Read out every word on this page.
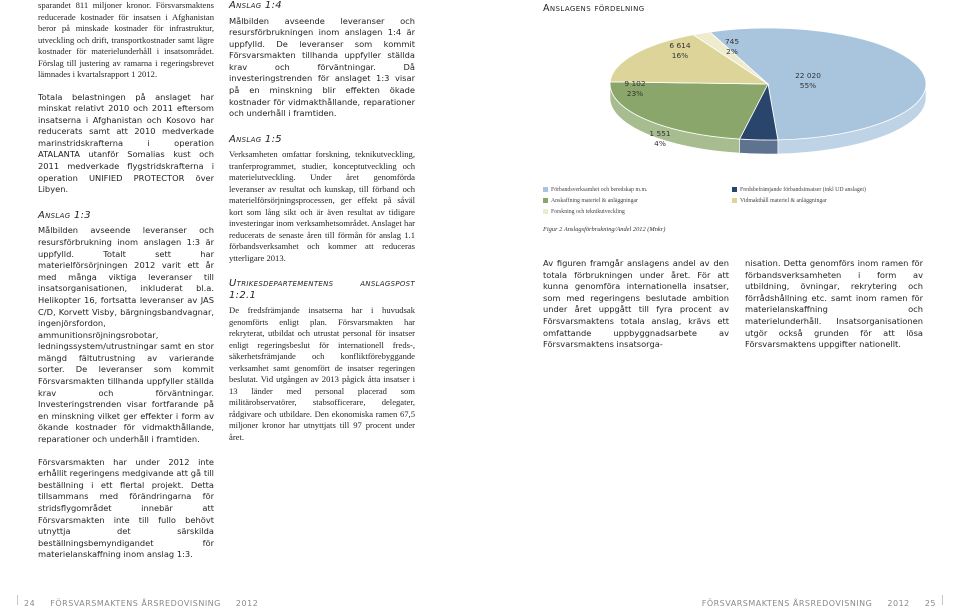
sparandet 811 miljoner kronor. Försvarsmaktens reducerade kostnader för insatsen i Afghanistan beror på minskade kostnader för infrastruktur, utveckling och drift, transportkostnader samt lägre kostnader för materielunderhåll i insatsområdet. Förslag till justering av ramarna i regeringsbrevet lämnades i kvartalsrapport 1 2012.

Totala belastningen på anslaget har minskat relativt 2010 och 2011 eftersom insatserna i Afghanistan och Kosovo har reducerats samt att 2010 medverkade marinstridskrafterna i operation ATALANTA utanför Somalias kust och 2011 medverkade flygstridskrafterna i operation UNIFIED PROTECTOR över Libyen.

Anslag 1:3

Målbilden avseende leveranser och resursförbrukning inom anslagen 1:3 är uppfylld. Totalt sett har materielförsörjningen 2012 varit ett år med många viktiga leveranser till insatsorganisationen, inkluderat bl.a. Helikopter 16, fortsatta leveranser av JAS C/D, Korvett Visby, bärgningsbandvagnar, ingenjörsfordon, ammunitionsröjningsrobotar, ledningssystem/utrustningar samt en stor mängd fältutrustning av varierande sorter. De leveranser som kommit Försvarsmakten tillhanda uppfyller ställda krav och förväntningar. Investeringstrenden visar fortfarande på en minskning vilket ger effekter i form av ökande kostnader för vidmakthållande, reparationer och underhåll i framtiden.

Försvarsmakten har under 2012 inte erhållit regeringens medgivande att gå till beställning i ett flertal projekt. Detta tillsammans med förändringarna för stridsflygområdet innebär att Försvarsmakten inte till fullo behövt utnyttja det särskilda beställningsbemyndigandet för materielanskaffning inom anslag 1:3.

Anslag 1:4

Målbilden avseende leveranser och resursförbrukningen inom anslagen 1:4 är uppfylld. De leveranser som kommit Försvarsmakten tillhanda uppfyller ställda krav och förväntningar. Då investeringstrenden för anslaget 1:3 visar på en minskning blir effekten ökade kostnader för vidmakthållande, reparationer och underhåll i framtiden.

Anslag 1:5

Verksamheten omfattar forskning, teknikutveckling, tranferprogrammet, studier, konceptutveckling och materielutveckling. Under året genomförda leveranser av resultat och kunskap, till förband och materielförsörjningsprocessen, ger effekt på såväl kort som lång sikt och är även resultat av tidigare investeringar inom verksamhetsområdet. Anslaget har reducerats de senaste åren till förmån för anslag 1.1 förbandsverksamhet och kommer att reduceras ytterligare 2013.

Utrikesdepartementens anslagspost 1:2.1

De fredsfrämjande insatserna har i huvudsak genomförts enligt plan. Försvarsmakten har rekryterat, utbildat och utrustat personal för insatser enligt regeringsbeslut för internationell freds-, säkerhetsfrämjande och konfliktförebyggande verksamhet samt genomfört de insatser regeringen beslutat. Vid utgången av 2013 pågick åtta insatser i 13 länder med personal placerad som militärobservatörer, stabsofficerare, delegater, rådgivare och utbildare. Den ekonomiska ramen 67,5 miljoner kronor har utnyttjats till 97 procent under året.

Anslagens fördelning
22 020
55%
1 551
4%
9 102
23%
6 614
16%
745
2%
Förbandsverksamhet och beredskap m.m.	Fredsbefrämjande förbandsinsatser (inkl UD anslaget)
Anskaffning materiel & anläggningar	Vidmakthåll materiel & anläggningar
Forskning och teknikutveckling
Figur 2 Anslagsförbrukning/Andel 2012 (Mnkr)

Av figuren framgår anslagens andel av den totala förbrukningen under året. För att kunna genomföra internationella insatser, som med regeringens beslutade ambition under året uppgått till fyra procent av Försvarsmaktens totala anslag, krävs ett omfattande uppbyggnadsarbete av Försvarsmaktens insatsorga-

nisation. Detta genomförs inom ramen för förbandsverksamheten i form av utbildning, övningar, rekrytering och förrådshållning etc. samt inom ramen för materielanskaffning och materielunderhåll. Insatsorganisationen utgör också grunden för att lösa Försvarsmaktens uppgifter nationellt.

24 FÖRSVARSMAKTENS ÅRSREDOVISNING 2012	FÖRSVARSMAKTENS ÅRSREDOVISNING 2012 25
